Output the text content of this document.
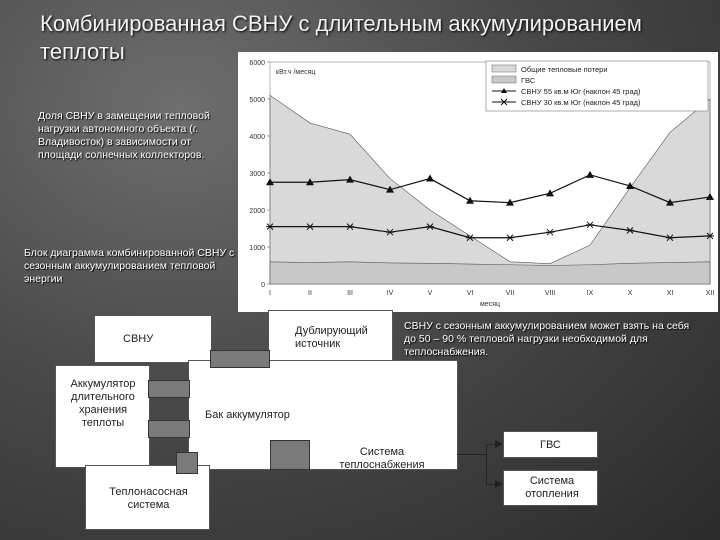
Комбинированная СВНУ с длительным аккумулированием
теплоты
0
1000
2000
3000
4000
5000
6000
I	II	III	IV	V	VI	VII	VIII	IX	X	XI	XII
кВт.ч /месяц
месяц
Общие тепловые потери
ГВС
СВНУ 55 кв.м Юг (наклон 45 град)
СВНУ 30 кв.м Юг (наклон 45 град)
Доля СВНУ в замещении тепловой нагрузки автономного объекта (г. Владивосток) в зависимости от площади солнечных коллекторов.
Блок диаграмма комбинированной СВНУ с сезонным аккумулированием тепловой энергии
СВНУ с сезонным аккумулированием может взять на себя до 50 – 90 % тепловой нагрузки необходимой для теплоснабжения.
СВНУ
Дублирующий источник
Аккумулятор длительного хранения теплоты
Бак аккумулятор
Система теплоснабжения
Теплонасосная система
ГВС
Система отопления
